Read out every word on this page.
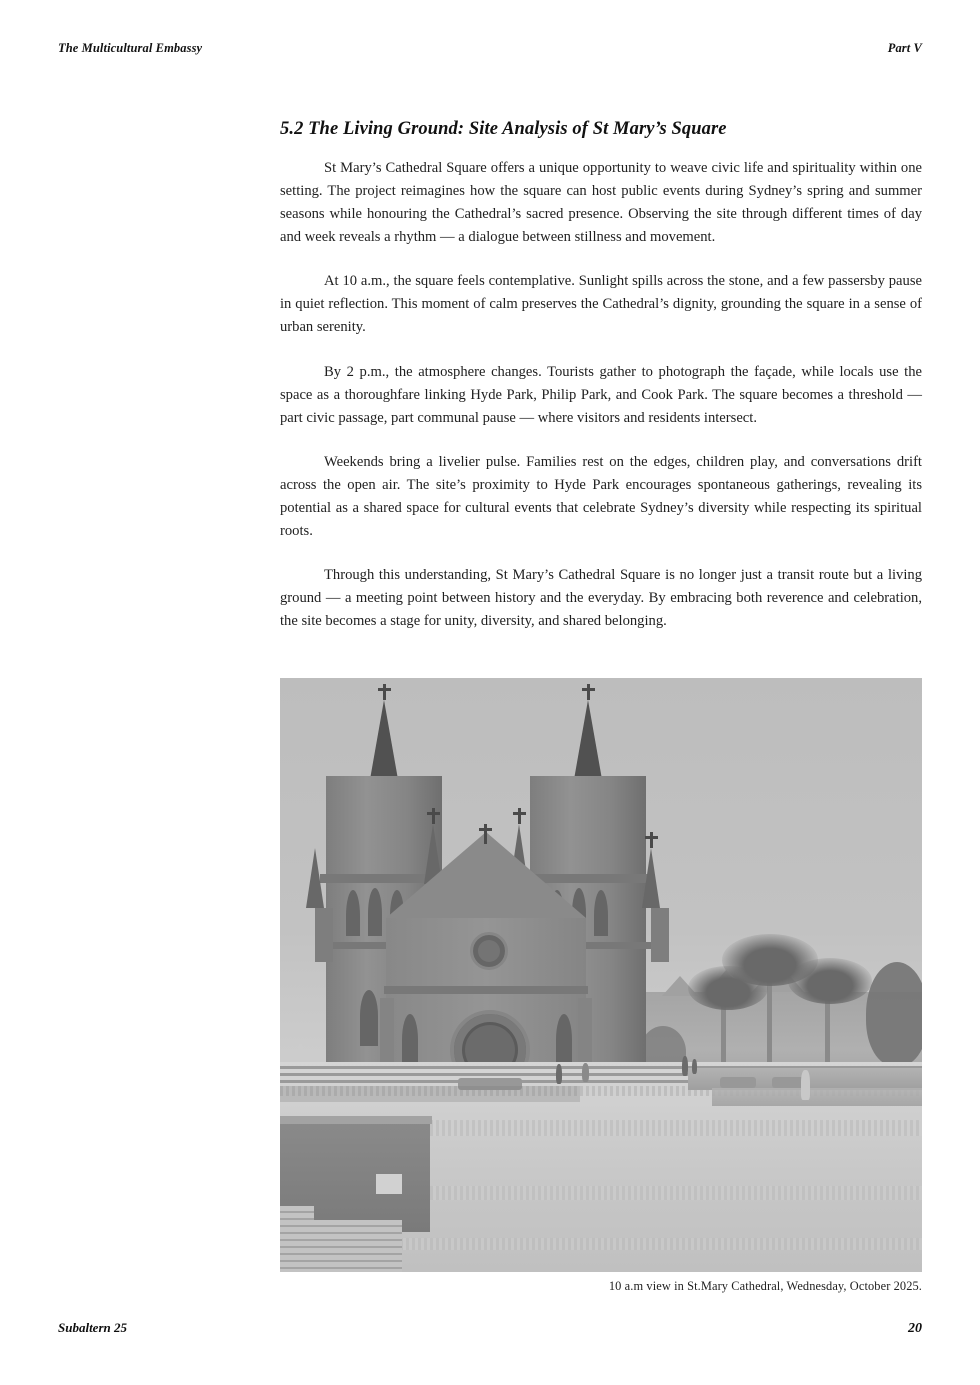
The Multicultural Embassy	Part V
5.2 The Living Ground: Site Analysis of St Mary’s Square

St Mary’s Cathedral Square offers a unique opportunity to weave civic life and spirituality within one setting. The project reimagines how the square can host public events during Sydney’s spring and summer seasons while honouring the Cathedral’s sacred presence. Observing the site through different times of day and week reveals a rhythm — a dialogue between stillness and movement.

At 10 a.m., the square feels contemplative. Sunlight spills across the stone, and a few passersby pause in quiet reflection. This moment of calm preserves the Cathedral’s dignity, grounding the square in a sense of urban serenity.

By 2 p.m., the atmosphere changes. Tourists gather to photograph the façade, while locals use the space as a thoroughfare linking Hyde Park, Philip Park, and Cook Park. The square becomes a threshold — part civic passage, part communal pause — where visitors and residents intersect.

Weekends bring a livelier pulse. Families rest on the edges, children play, and conversations drift across the open air. The site’s proximity to Hyde Park encourages spontaneous gatherings, revealing its potential as a shared space for cultural events that celebrate Sydney’s diversity while respecting its spiritual roots.

Through this understanding, St Mary’s Cathedral Square is no longer just a transit route but a living ground — a meeting point between history and the everyday. By embracing both reverence and celebration, the site becomes a stage for unity, diversity, and shared belonging.

10 a.m view in St.Mary Cathedral, Wednesday, October 2025.
Subaltern 25	20
